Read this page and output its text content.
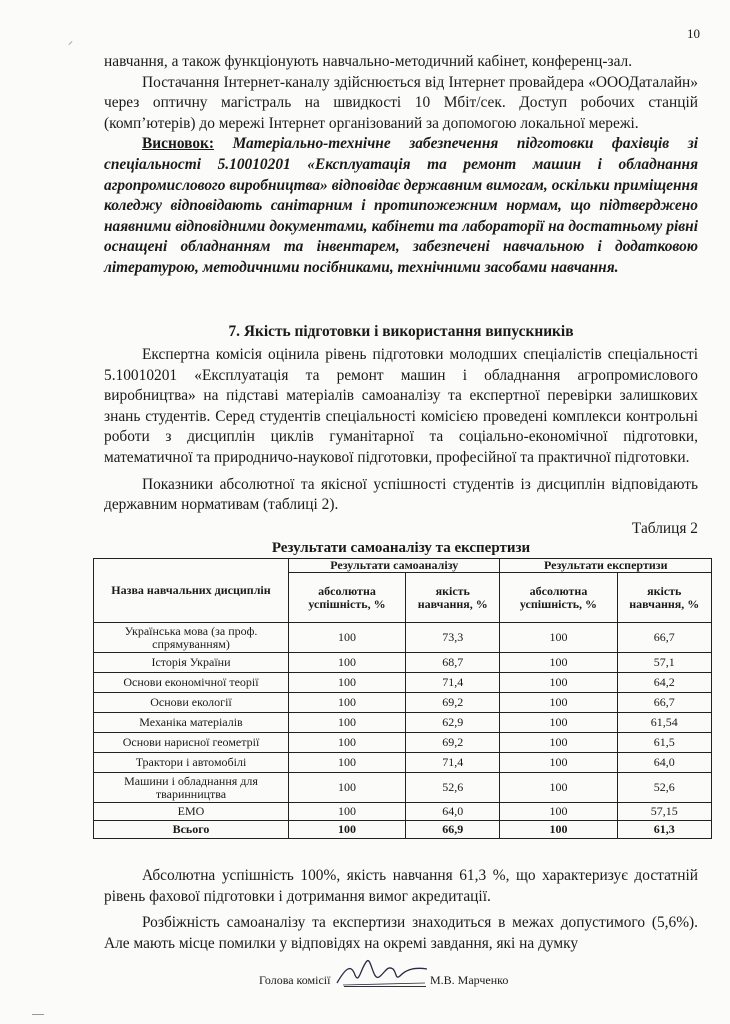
10
—
⸝

навчання, а також функціонують навчально-методичний кабінет, конференц-зал.

Постачання Інтернет-каналу здійснюється від Інтернет провайдера «ОООДаталайн» через оптичну магістраль на швидкості 10 Мбіт/сек. Доступ робочих станцій (комп’ютерів) до мережі Інтернет організований за допомогою локальної мережі.

Висновок: Матеріально-технічне забезпечення підготовки фахівців зі спеціальності 5.10010201 «Експлуатація та ремонт машин і обладнання агропромислового виробництва» відповідає державним вимогам, оскільки приміщення коледжу відповідають санітарним і протипожежним нормам, що підтверджено наявними відповідними документами, кабінети та лабораторії на достатньому рівні оснащені обладнанням та інвентарем, забезпечені навчальною і додатковою літературою, методичними посібниками, технічними засобами навчання.

7. Якість підготовки і використання випускників

Експертна комісія оцінила рівень підготовки молодших спеціалістів спеціальності 5.10010201 «Експлуатація та ремонт машин і обладнання агропромислового виробництва» на підставі матеріалів самоаналізу та експертної перевірки залишкових знань студентів. Серед студентів спеціальності комісією проведені комплекси контрольні роботи з дисциплін циклів гуманітарної та соціально-економічної підготовки, математичної та природничо-наукової підготовки, професійної та практичної підготовки.

Показники абсолютної та якісної успішності студентів із дисциплін відповідають державним нормативам (таблиці 2).

Таблиця 2
Результати самоаналізу та експертизи
Назва навчальних дисциплін	Результати самоаналізу		Результати експертизи	
	абсолютна успішність, %	якість навчання, %	абсолютна успішність, %	якість навчання, %
Українська мова (за проф. спрямуванням)	100	73,3	100	66,7
Історія України	100	68,7	100	57,1
Основи економічної теорії	100	71,4	100	64,2
Основи екології	100	69,2	100	66,7
Механіка матеріалів	100	62,9	100	61,54
Основи нарисної геометрії	100	69,2	100	61,5
Трактори і автомобілі	100	71,4	100	64,0
Машини і обладнання для тваринництва	100	52,6	100	52,6
ЕМО	100	64,0	100	57,15
Всього	100	66,9	100	61,3

Абсолютна успішність 100%, якість навчання 61,3 %, що характеризує достатній рівень фахової підготовки і дотримання вимог акредитації.

Розбіжність самоаналізу та експертизи знаходиться в межах допустимого (5,6%). Але мають місце помилки у відповідях на окремі завдання, які на думку

Голова комісії	М.В. Марченко
